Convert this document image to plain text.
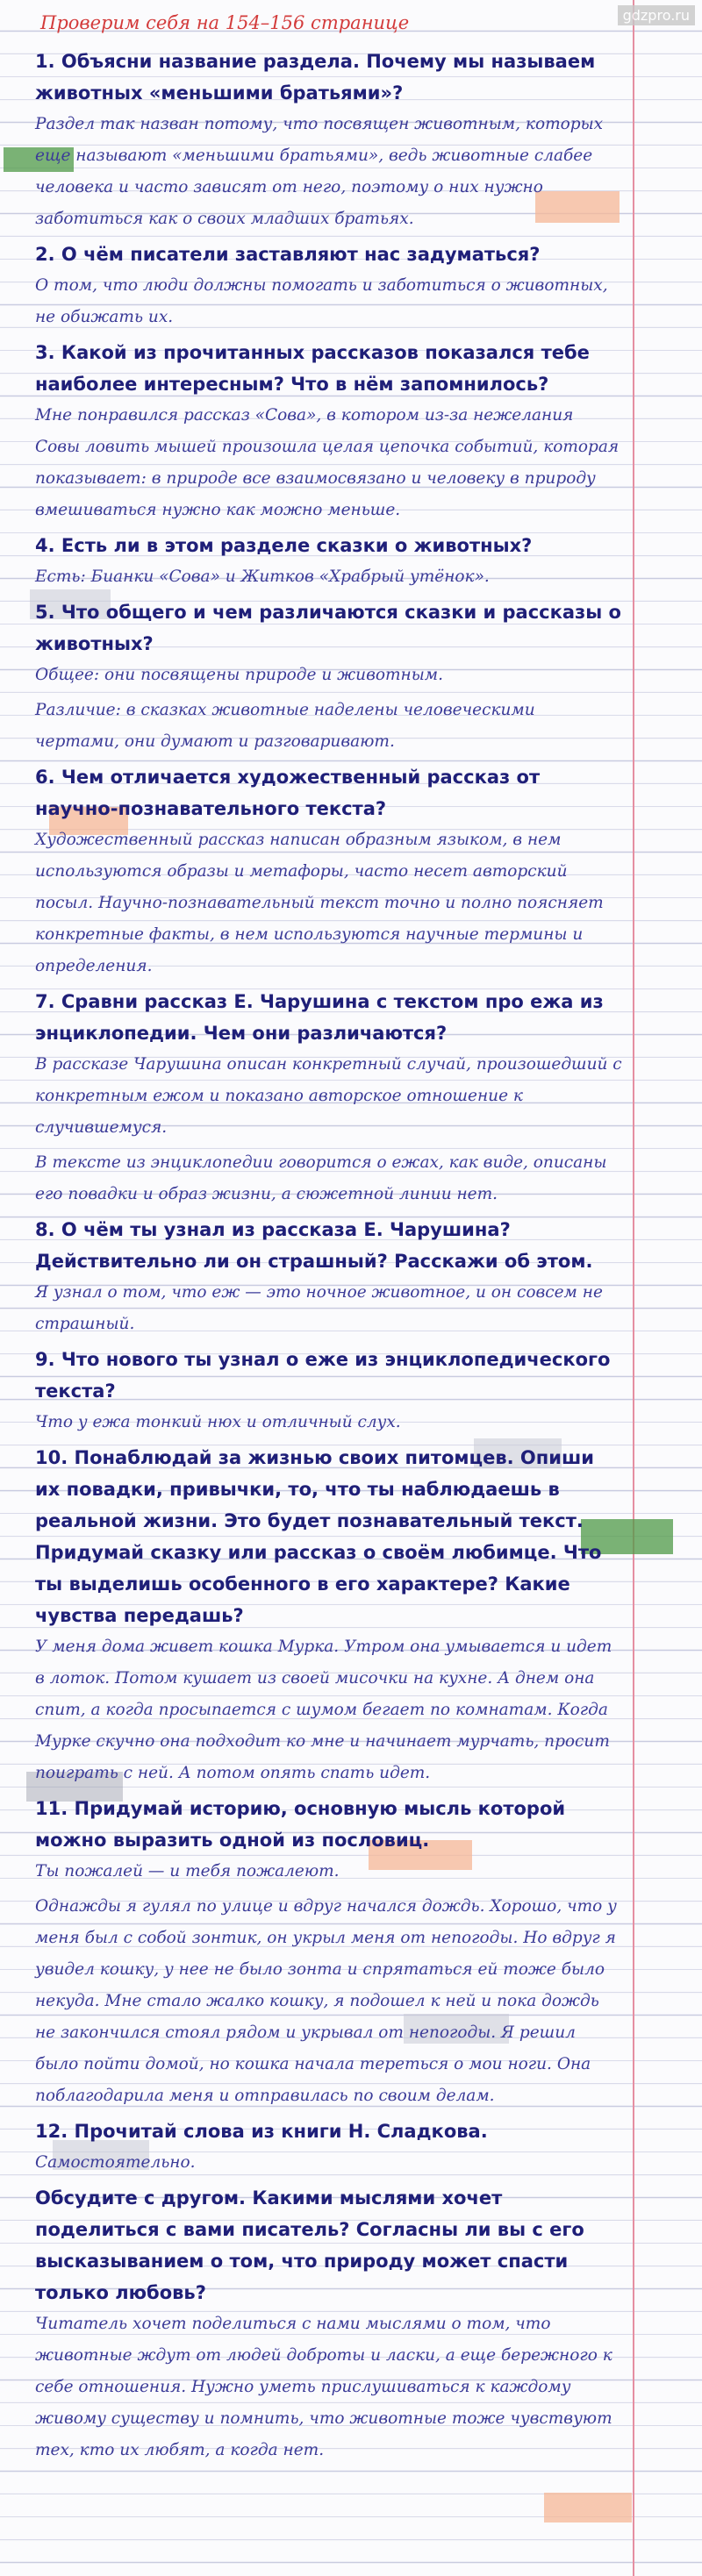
gdzpro.ru
Проверим себя на 154–156 странице

1. Объясни название раздела. Почему мы называем животных «меньшими братьями»?

Раздел так назван потому, что посвящен животным, которых еще называют «меньшими братьями», ведь животные слабее человека и часто зависят от него, поэтому о них нужно заботиться как о своих младших братьях.

2. О чём писатели заставляют нас задуматься?

О том, что люди должны помогать и заботиться о животных, не обижать их.

3. Какой из прочитанных рассказов показался тебе наиболее интересным? Что в нём запомнилось?

Мне понравился рассказ «Сова», в котором из-за нежелания Совы ловить мышей произошла целая цепочка событий, которая показывает: в природе все взаимосвязано и человеку в природу вмешиваться нужно как можно меньше.

4. Есть ли в этом разделе сказки о животных?

Есть: Бианки «Сова» и Житков «Храбрый утёнок».

5. Что общего и чем различаются сказки и рассказы о животных?

Общее: они посвящены природе и животным.

Различие: в сказках животные наделены человеческими чертами, они думают и разговаривают.

6. Чем отличается художественный рассказ от научно-познавательного текста?

Художественный рассказ написан образным языком, в нем используются образы и метафоры, часто несет авторский посыл. Научно-познавательный текст точно и полно поясняет конкретные факты, в нем используются научные термины и определения.

7. Сравни рассказ Е. Чарушина с текстом про ежа из энциклопедии. Чем они различаются?

В рассказе Чарушина описан конкретный случай, произошедший с конкретным ежом и показано авторское отношение к случившемуся.

В тексте из энциклопедии говорится о ежах, как виде, описаны его повадки и образ жизни, а сюжетной линии нет.

8. О чём ты узнал из рассказа Е. Чарушина? Действительно ли он страшный? Расскажи об этом.

Я узнал о том, что еж — это ночное животное, и он совсем не страшный.

9. Что нового ты узнал о еже из энциклопедического текста?

Что у ежа тонкий нюх и отличный слух.

10. Понаблюдай за жизнью своих питомцев. Опиши их повадки, привычки, то, что ты наблюдаешь в реальной жизни. Это будет познавательный текст.

Придумай сказку или рассказ о своём любимце. Что ты выделишь особенного в его характере? Какие чувства передашь?

У меня дома живет кошка Мурка. Утром она умывается и идет в лоток. Потом кушает из своей мисочки на кухне. А днем она спит, а когда просыпается с шумом бегает по комнатам. Когда Мурке скучно она подходит ко мне и начинает мурчать, просит поиграть с ней. А потом опять спать идет.

11. Придумай историю, основную мысль которой можно выразить одной из пословиц.

Ты пожалей — и тебя пожалеют.

Однажды я гулял по улице и вдруг начался дождь. Хорошо, что у меня был с собой зонтик, он укрыл меня от непогоды. Но вдруг я увидел кошку, у нее не было зонта и спрятаться ей тоже было некуда. Мне стало жалко кошку, я подошел к ней и пока дождь не закончился стоял рядом и укрывал от непогоды. Я решил было пойти домой, но кошка начала тереться о мои ноги. Она поблагодарила меня и отправилась по своим делам.

12. Прочитай слова из книги Н. Сладкова.

Самостоятельно.

Обсудите с другом. Какими мыслями хочет поделиться с вами писатель? Согласны ли вы с его высказыванием о том, что природу может спасти только любовь?

Читатель хочет поделиться с нами мыслями о том, что животные ждут от людей доброты и ласки, а еще бережного к себе отношения. Нужно уметь прислушиваться к каждому живому существу и помнить, что животные тоже чувствуют тех, кто их любят, а когда нет.
